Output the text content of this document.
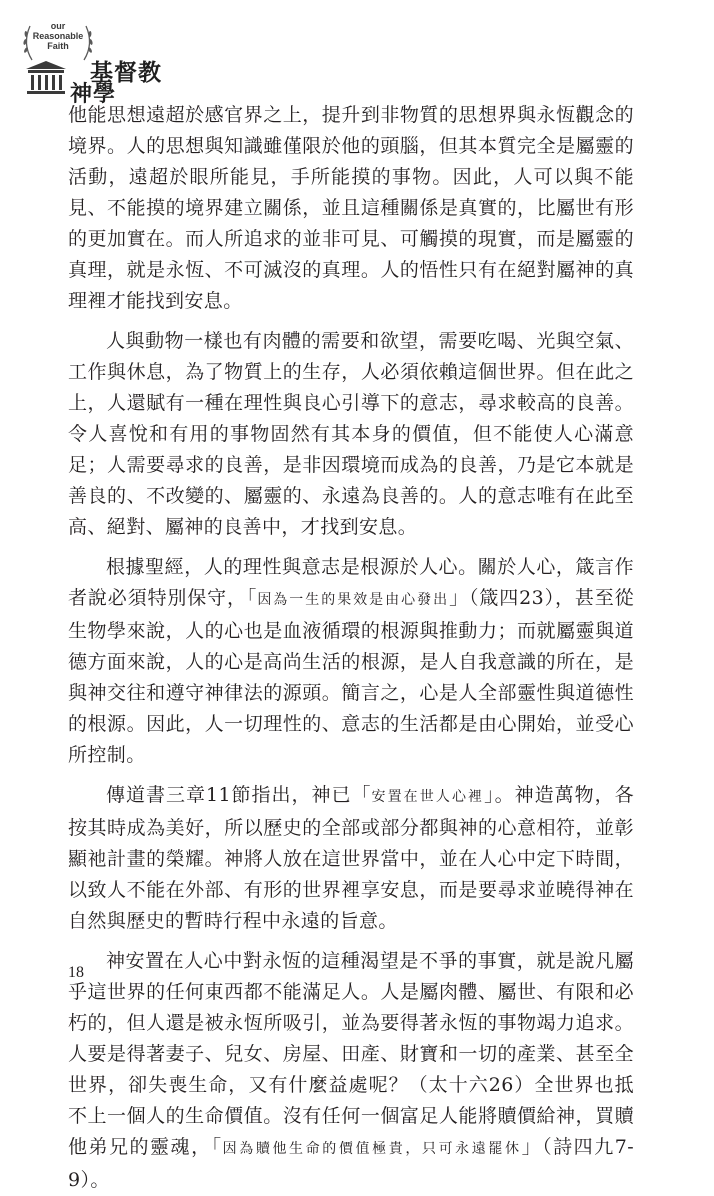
our
Reasonable
Faith
基督教
神學

他能思想遠超於感官界之上，提升到非物質的思想界與永恆觀念的境界。人的思想與知識雖僅限於他的頭腦，但其本質完全是屬靈的活動，遠超於眼所能見，手所能摸的事物。因此，人可以與不能見、不能摸的境界建立關係，並且這種關係是真實的，比屬世有形的更加實在。而人所追求的並非可見、可觸摸的現實，而是屬靈的真理，就是永恆、不可滅沒的真理。人的悟性只有在絕對屬神的真理裡才能找到安息。

人與動物一樣也有肉體的需要和欲望，需要吃喝、光與空氣、工作與休息，為了物質上的生存，人必須依賴這個世界。但在此之上，人還賦有一種在理性與良心引導下的意志，尋求較高的良善。令人喜悅和有用的事物固然有其本身的價值，但不能使人心滿意足；人需要尋求的良善，是非因環境而成為的良善，乃是它本就是善良的、不改變的、屬靈的、永遠為良善的。人的意志唯有在此至高、絕對、屬神的良善中，才找到安息。

根據聖經，人的理性與意志是根源於人心。關於人心，箴言作者說必須特別保守，「因為一生的果效是由心發出」（箴四23），甚至從生物學來說，人的心也是血液循環的根源與推動力；而就屬靈與道德方面來說，人的心是高尚生活的根源，是人自我意識的所在，是與神交往和遵守神律法的源頭。簡言之，心是人全部靈性與道德性的根源。因此，人一切理性的、意志的生活都是由心開始，並受心所控制。

傳道書三章11節指出，神已「安置在世人心裡」。神造萬物，各按其時成為美好，所以歷史的全部或部分都與神的心意相符，並彰顯祂計畫的榮耀。神將人放在這世界當中，並在人心中定下時間，以致人不能在外部、有形的世界裡享安息，而是要尋求並曉得神在自然與歷史的暫時行程中永遠的旨意。

神安置在人心中對永恆的這種渴望是不爭的事實，就是說凡屬乎這世界的任何東西都不能滿足人。人是屬肉體、屬世、有限和必朽的，但人還是被永恆所吸引，並為要得著永恆的事物竭力追求。人要是得著妻子、兒女、房屋、田產、財寶和一切的產業、甚至全世界，卻失喪生命，又有什麼益處呢？（太十六26）全世界也抵不上一個人的生命價值。沒有任何一個富足人能將贖價給神，買贖他弟兄的靈魂，「因為贖他生命的價值極貴，只可永遠罷休」（詩四九7-9）。

18
